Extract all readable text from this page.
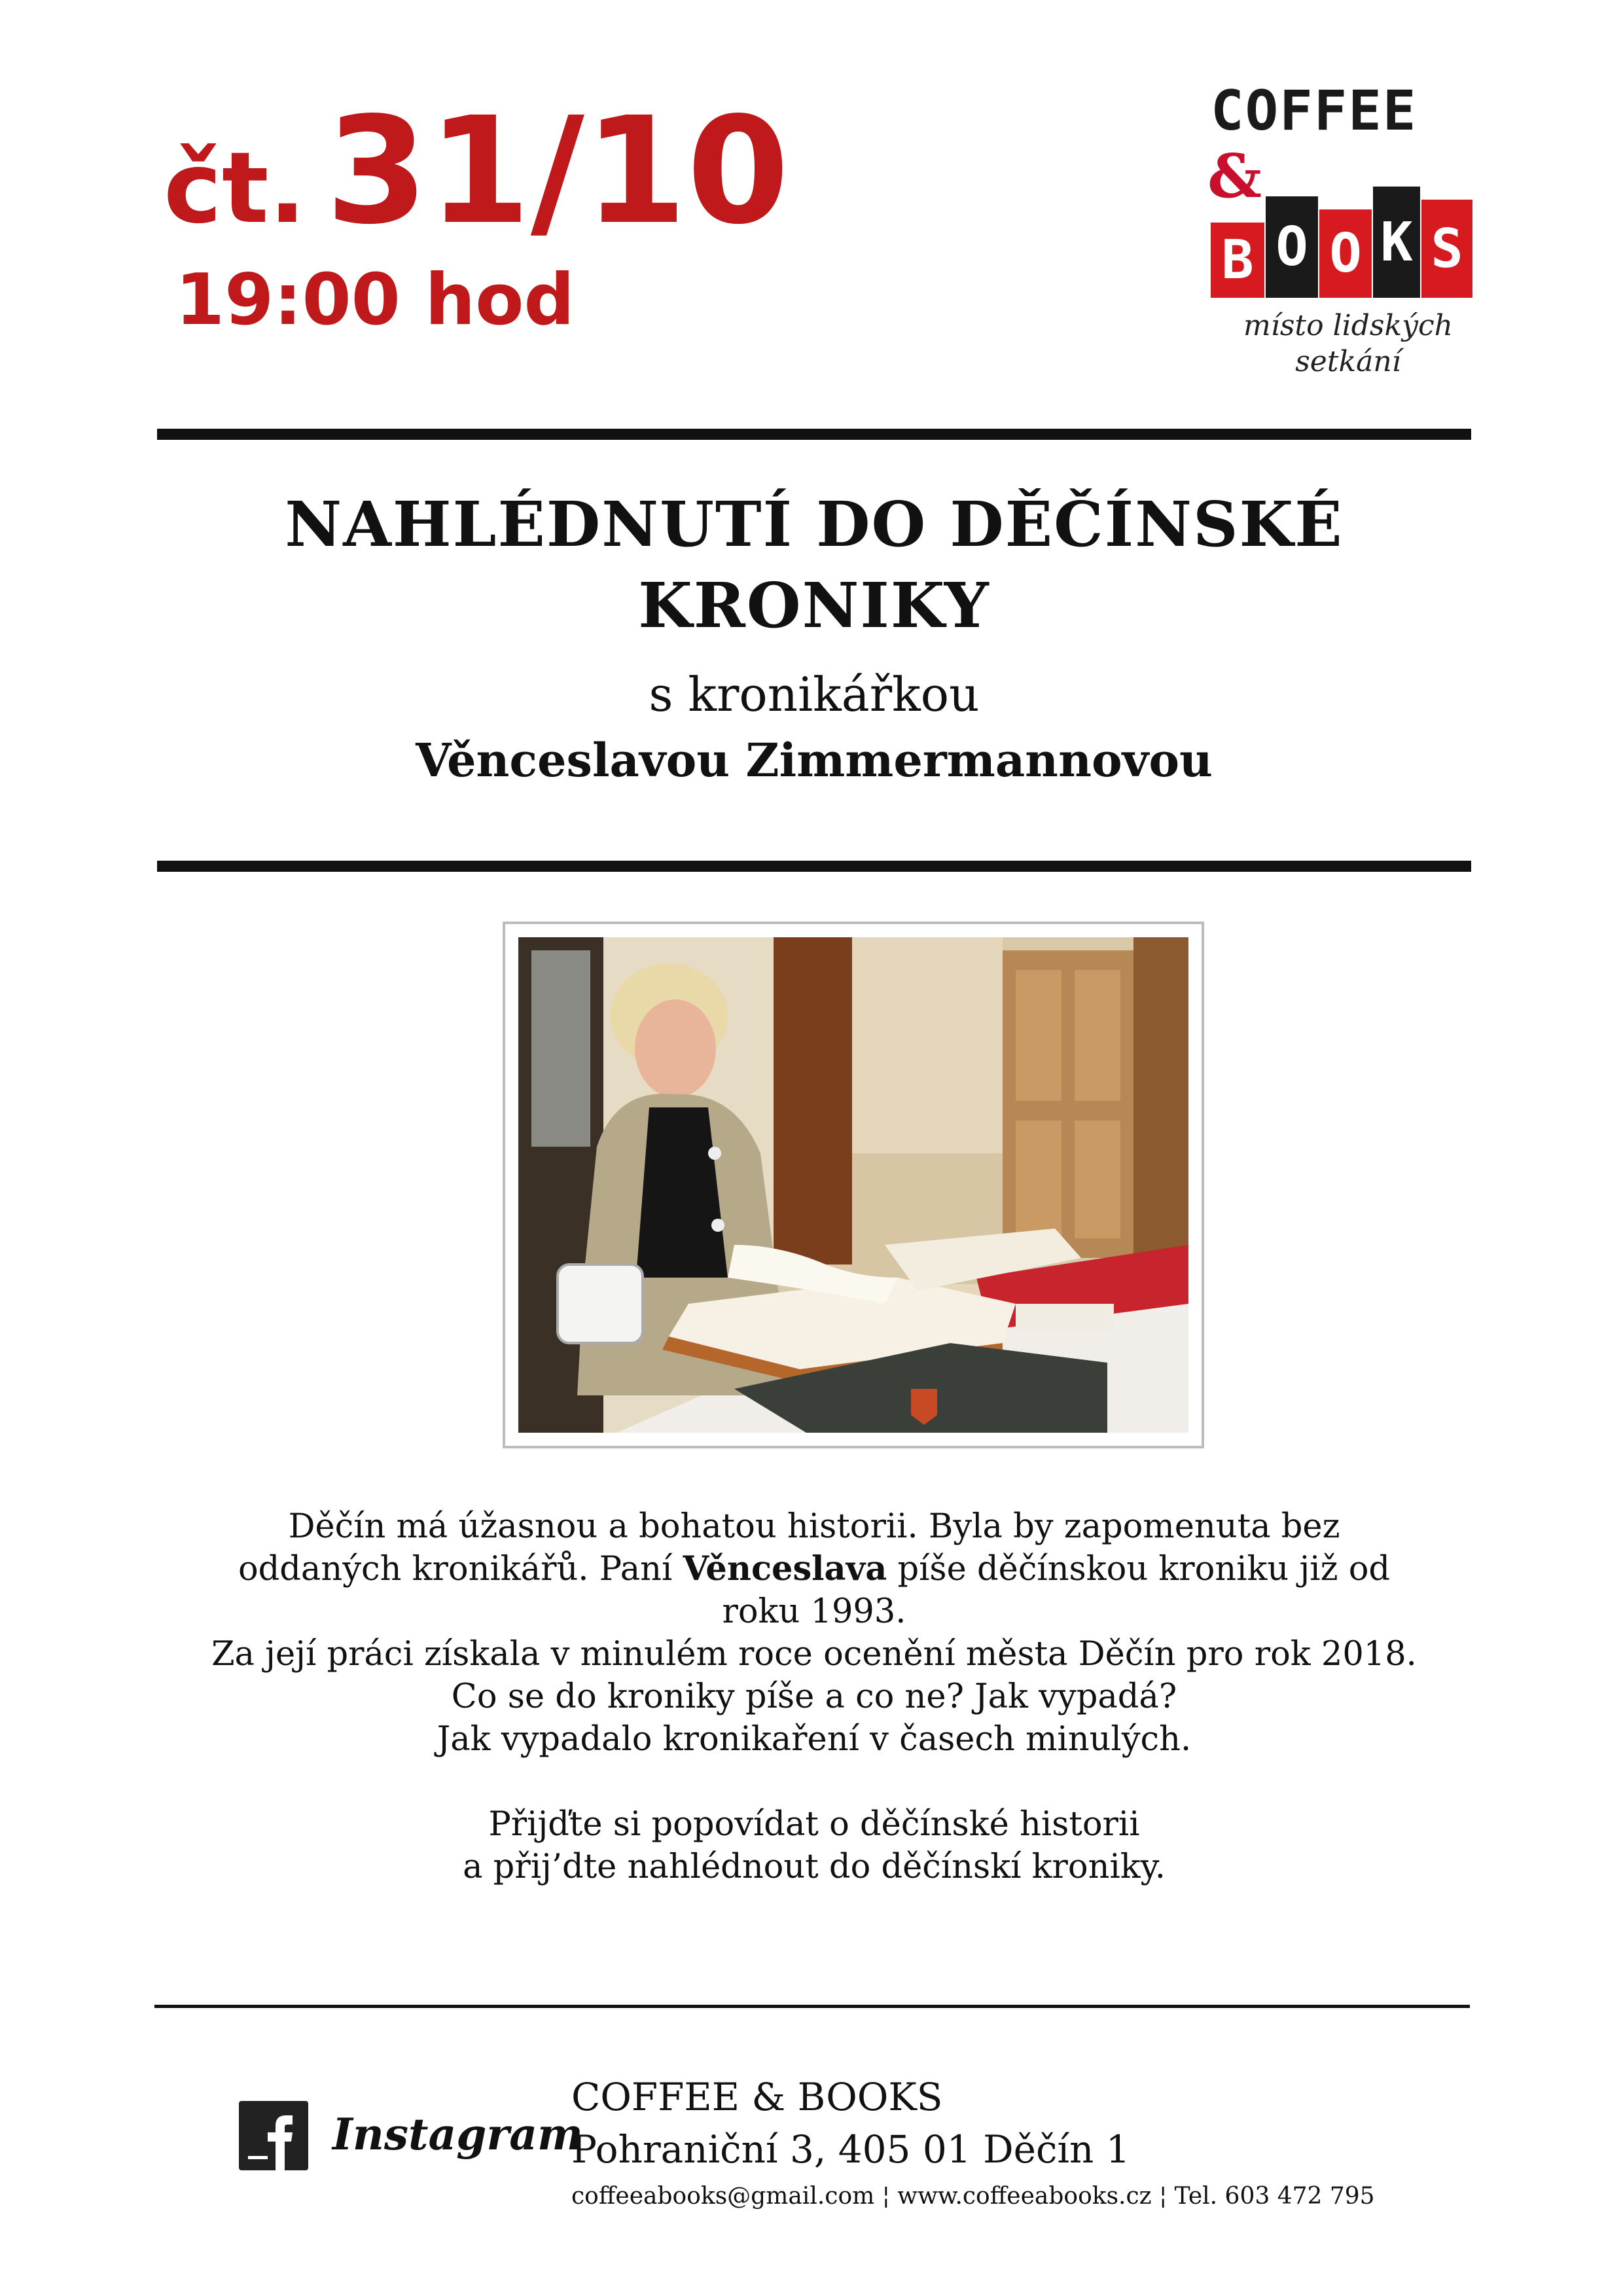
čt. 31/10
19:00 hod
COFFEE
&
B O O K S
místo lidských
setkání
NAHLÉDNUTÍ DO DĚČÍNSKÉ
KRONIKY
s kronikářkou
Věnceslavou Zimmermannovou

Děčín má úžasnou a bohatou historii. Byla by zapomenuta bez

oddaných kronikářů. Paní Věnceslava píše děčínskou kroniku již od

roku 1993.

Za její práci získala v minulém roce ocenění města Děčín pro rok 2018.

Co se do kroniky píše a co ne? Jak vypadá?

Jak vypadalo kronikaření v časech minulých.

Přijďte si popovídat o děčínské historii

a přij’dte nahlédnout do děčínskí kroniky.

Instagram
COFFEE & BOOKS
Pohraniční 3, 405 01 Děčín 1
coffeeabooks@gmail.com ¦ www.coffeeabooks.cz ¦ Tel. 603 472 795
